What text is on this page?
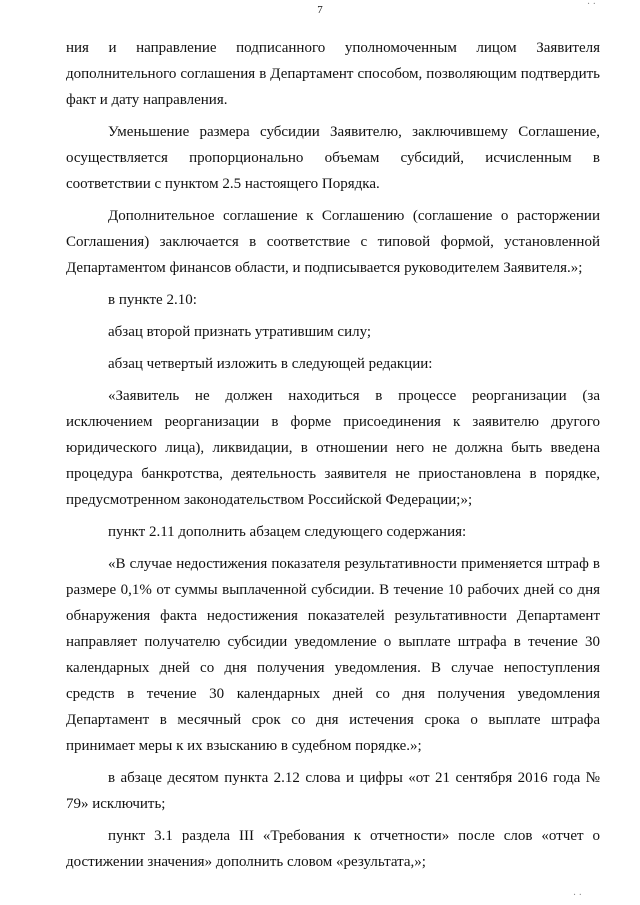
· ·
7

ния и направление подписанного уполномоченным лицом Заявителя дополнительного соглашения в Департамент способом, позволяющим подтвердить факт и дату направления.

Уменьшение размера субсидии Заявителю, заключившему Соглашение, осуществляется пропорционально объемам субсидий, исчисленным в соответствии с пунктом 2.5 настоящего Порядка.

Дополнительное соглашение к Соглашению (соглашение о расторжении Соглашения) заключается в соответствие с типовой формой, установленной Департаментом финансов области, и подписывается руководителем Заявителя.»;

в пункте 2.10:

абзац второй признать утратившим силу;

абзац четвертый изложить в следующей редакции:

«Заявитель не должен находиться в процессе реорганизации (за исключением реорганизации в форме присоединения к заявителю другого юридического лица), ликвидации, в отношении него не должна быть введена процедура банкротства, деятельность заявителя не приостановлена в порядке, предусмотренном законодательством Российской Федерации;»;

пункт 2.11 дополнить абзацем следующего содержания:

«В случае недостижения показателя результативности применяется штраф в размере 0,1% от суммы выплаченной субсидии. В течение 10 рабочих дней со дня обнаружения факта недостижения показателей результативности Департамент направляет получателю субсидии уведомление о выплате штрафа в течение 30 календарных дней со дня получения уведомления. В случае непоступления средств в течение 30 календарных дней со дня получения уведомления Департамент в месячный срок со дня истечения срока о выплате штрафа принимает меры к их взысканию в судебном порядке.»;

в абзаце десятом пункта 2.12 слова и цифры «от 21 сентября 2016 года № 79» исключить;

пункт 3.1 раздела III «Требования к отчетности» после слов «отчет о достижении значения» дополнить словом «результата,»;

· ·
